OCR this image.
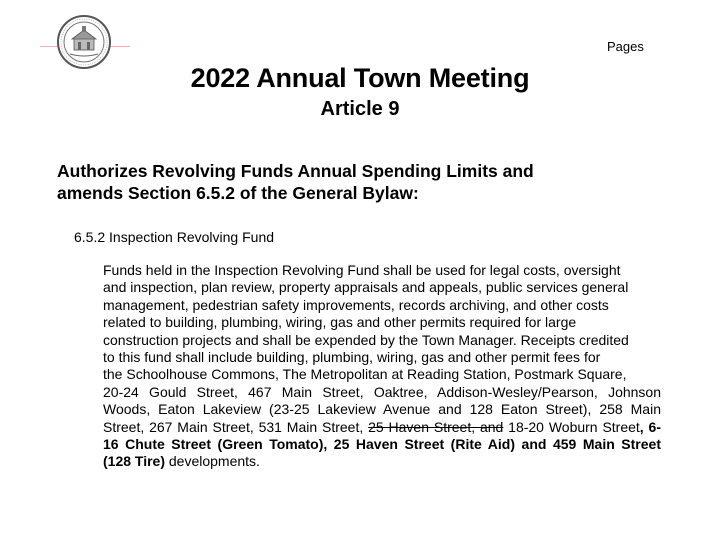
Pages
2022 Annual Town Meeting
Article 9
Authorizes Revolving Funds Annual Spending Limits and
amends Section 6.5.2 of the General Bylaw:
6.5.2 Inspection Revolving Fund
Funds held in the Inspection Revolving Fund shall be used for legal costs, oversight
and inspection, plan review, property appraisals and appeals, public services general
management, pedestrian safety improvements, records archiving, and other costs
related to building, plumbing, wiring, gas and other permits required for large
construction projects and shall be expended by the Town Manager. Receipts credited
to this fund shall include building, plumbing, wiring, gas and other permit fees for
the Schoolhouse Commons, The Metropolitan at Reading Station, Postmark Square,
20-24 Gould Street, 467 Main Street, Oaktree, Addison-Wesley/Pearson, Johnson
Woods, Eaton Lakeview (23-25 Lakeview Avenue and 128 Eaton Street), 258 Main
Street, 267 Main Street, 531 Main Street, 25 Haven Street, and 18-20 Woburn Street, 6-
16 Chute Street (Green Tomato), 25 Haven Street (Rite Aid) and 459 Main Street
(128 Tire) developments.
